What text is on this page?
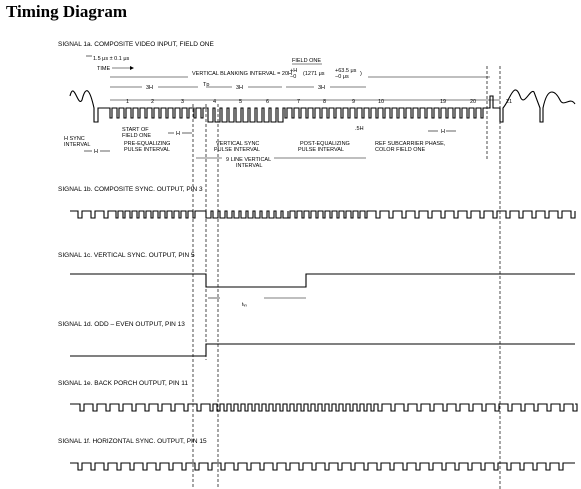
Timing Diagram
SIGNAL 1a. COMPOSITE VIDEO INPUT, FIELD ONE
SIGNAL 1b. COMPOSITE SYNC. OUTPUT, PIN 3
SIGNAL 1c. VERTICAL SYNC. OUTPUT, PIN 5
SIGNAL 1d. ODD – EVEN OUTPUT, PIN 13
SIGNAL 1e. BACK PORCH OUTPUT, PIN 11
SIGNAL 1f. HORIZONTAL SYNC. OUTPUT, PIN 15
1.5 μs ± 0.1 μs
TIME
FIELD ONE
VERTICAL BLANKING INTERVAL = 20H
+H
−0 (1271 μs +63.5 μs
−0 μs )
3H	3H	3H
Tᴅ
1	2	3	4	5	6	7	8	9	10	19	20	21
H SYNC
INTERVAL
H
START OF
FIELD ONE
PRE-EQUALIZING
PULSE INTERVAL
H
VERTICAL SYNC
PULSE INTERVAL
POST-EQUALIZING
PULSE INTERVAL
.5H
REF SUBCARRIER PHASE,
COLOR FIELD ONE
9 LINE VERTICAL
INTERVAL
H
tᵥₛ
